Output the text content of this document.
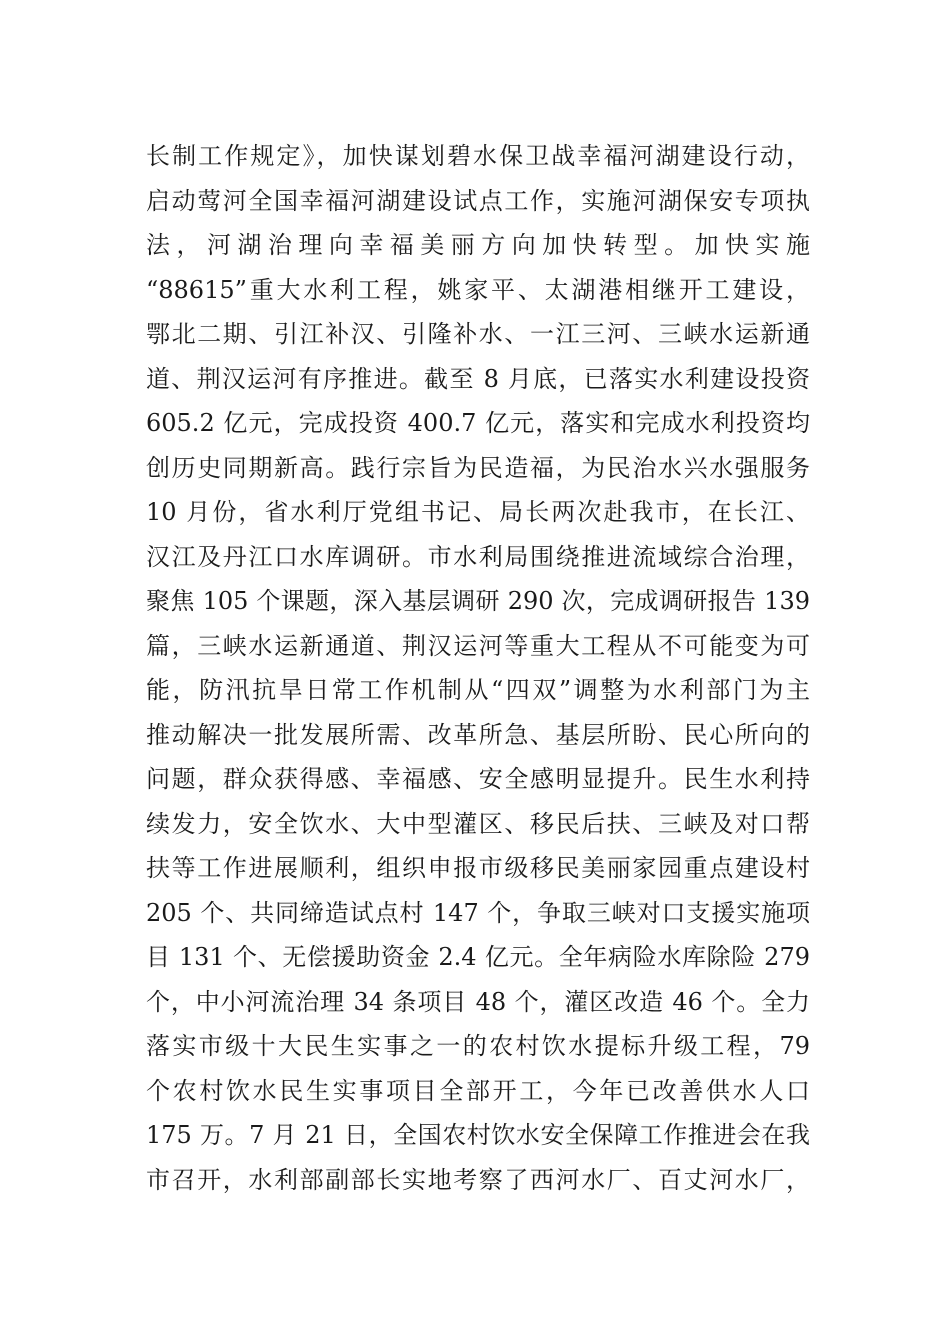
长制工作规定》，加快谋划碧水保卫战幸福河湖建设行动，
启动莺河全国幸福河湖建设试点工作，实施河湖保安专项执
法，河湖治理向幸福美丽方向加快转型。加快实施
“88615”重大水利工程，姚家平、太湖港相继开工建设，
鄂北二期、引江补汉、引隆补水、一江三河、三峡水运新通
道、荆汉运河有序推进。截至 8 月底，已落实水利建设投资
605.2 亿元，完成投资 400.7 亿元，落实和完成水利投资均
创历史同期新高。践行宗旨为民造福，为民治水兴水强服务
10 月份，省水利厅党组书记、局长两次赴我市，在长江、
汉江及丹江口水库调研。市水利局围绕推进流域综合治理，
聚焦 105 个课题，深入基层调研 290 次，完成调研报告 139
篇，三峡水运新通道、荆汉运河等重大工程从不可能变为可
能，防汛抗旱日常工作机制从“四双”调整为水利部门为主
推动解决一批发展所需、改革所急、基层所盼、民心所向的
问题，群众获得感、幸福感、安全感明显提升。民生水利持
续发力，安全饮水、大中型灌区、移民后扶、三峡及对口帮
扶等工作进展顺利，组织申报市级移民美丽家园重点建设村
205 个、共同缔造试点村 147 个，争取三峡对口支援实施项
目 131 个、无偿援助资金 2.4 亿元。全年病险水库除险 279
个，中小河流治理 34 条项目 48 个，灌区改造 46 个。全力
落实市级十大民生实事之一的农村饮水提标升级工程，79
个农村饮水民生实事项目全部开工，今年已改善供水人口
175 万。7 月 21 日，全国农村饮水安全保障工作推进会在我
市召开，水利部副部长实地考察了西河水厂、百丈河水厂，
